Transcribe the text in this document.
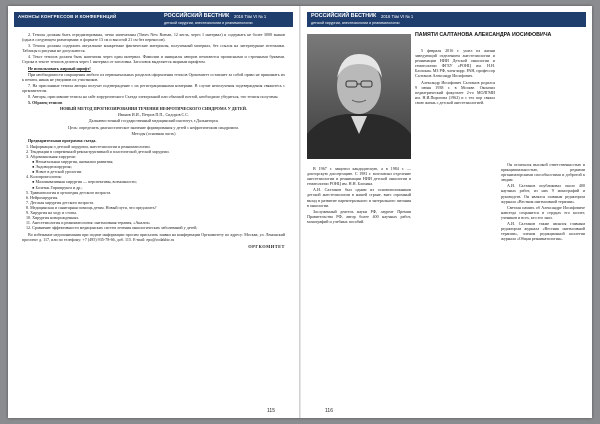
АНОНСЫ КОНГРЕССОВ И КОНФЕРЕНЦИЙ	РОССИЙСКИЙ ВЕСТНИК 2016 Том VI № 1
детской хирургии, анестезиологии и реаниматологии

2. Тезисы должны быть отредактированы, четко напечатаны (Times New Roman, 12 кегль, через 1 интервал) и содержать не более 3000 знаков (одна в следующем размещении: в формате 13 см и высотой 21 см без переносов).

3. Тезисы должны содержать актуальные конкретные фактические материалы, полученный материал, без ссылок на литературные источники. Таблицы и рисунки не допускаются.

4. Текст тезисов должен быть напечатан через один интервал. Фамилии и инициалы авторов печатаются прописными и строчными буквами. Строка в тексте тезисов делится через 1 интервал от заголовка. Заголовок выделяется жирным шрифтом.

Не использовать жирный шрифт!

При необходимости сокращения любого из первоначальных разделов оформления тезисов Оргкомитет оставляет за собой право не принимать их к печати, никак не уведомив их участников.

7. На присланные тезисы авторы получат подтверждение с их регистрационными номерами. В случае неполучения подтверждения свяжитесь с оргкомитетом.

8. Авторы, приславшие тезисы на сайт хирургического Съезда электронной или обычной почтой, необходимо убедиться, что тезисы получены.

5. Образец тезисов

НОВЫЙ МЕТОД ПРОГНОЗИРОВАНИЯ ТЕЧЕНИЯ НЕФРОТИЧЕСКОГО СИНДРОМА У ДЕТЕЙ.

Иванов И.И., Петров П.П., Сидоров С.С.

Дальневосточный государственный медицинский институт, г.Дальнегорск

Цель: определить диагностическое значение формирования у детей с нефротическим синдромом.

Методы (основная часть)

Предварительная программа съезда.

1. Информация о детской хирургии, анестезиологии и реаниматологии.
2. Тенденции в современной реконструктивной и пластической детской хирургии.
3. Абдоминальная хирургия:
● Неонатальная хирургия, аномалии развития;
● Эндовидеохирургия;
● Новое в детской урологии.
4. Колопроктология:
● Малоинвазивная хирургия — перспективы, возможности;
● Болезнь Гиршпрунга и др.;
5. Травматология и ортопедия детского возраста.
6. Нейрохирургия.
7. Детская хирургия детского возраста.
8. Медицинская и санитарная помощь детям. Новый пути, что предлагать?
9. Хирургия на ходу и стопы.
10. Хирургия новорожденных.
11. Анестезиология и реаниматология: интенсивная терапия, «Анализ»
12. Сравнение эффективности медицинских систем лечения онкологических заболеваний у детей.

Во избежание недопонимания при подаче информации просим присылать заявки на конференции Оргкомитету по адресу: Москва, ул. Ленинский проспект д. 117, или по телефону: +7 (495) 935-78-66, доб. 115. E-mail: epo@rodakhir.ru

ОРГКОМИТЕТ
115
РОССИЙСКИЙ ВЕСТНИК 2016 Том VI № 1
детской хирургии, анестезиологии и реаниматологии
ПАМЯТИ САЛТАНОВА АЛЕКСАНДРА ИОСИФОВИЧА

5 февраля 2016 г. ушел из жизни заведующий отделением анестезиологии и реанимации НИИ Детской онкологии и гематологии ФГБУ «РОНЦ им. Н.Н. Блохина» МЗ РФ, член-корр. РАН, профессор Салтанов Александр Иосифович.

Александр Иосифович Салтанов родился 9 июня 1938 г. в Москве. Окончил педиатрический факультет 2-го МОЛГМИ им. Н.И.Пирогова (1962) и с тех пор связал свою жизнь с детской анестезиологией.

В 1967 г. защитил кандидатскую, а в 1984 г. — докторскую диссертацию. С 1981 г. возглавлял отделение анестезиологии и реанимации НИИ детской онкологии и гематологии РОНЦ им. Н.Н. Блохина.

А.И. Салтанов был одним из основоположников детской анестезиологии в нашей стране, внес огромный вклад в развитие парентерального и энтерального питания в онкологии.

Заслуженный деятель науки РФ, лауреат Премии Правительства РФ, автор более 400 научных работ, монографий и учебных пособий.

Он отличался высокой ответственностью и принципиальностью, редкими организаторскими способностями и добротой к людям.

А.И. Салтанов опубликовал около 400 научных работ, из них 9 монографий и руководств. Он являлся главным редактором журнала «Вестник интенсивной терапии».

Светлая память об Александре Иосифовиче навсегда сохранится в сердцах его коллег, учеников и всех, кто его знал.

А.И. Салтанов также являлся главным редактором журнала «Вестник интенсивной терапии», членом редакционной коллегии журнала «Общая реаниматология».

116
